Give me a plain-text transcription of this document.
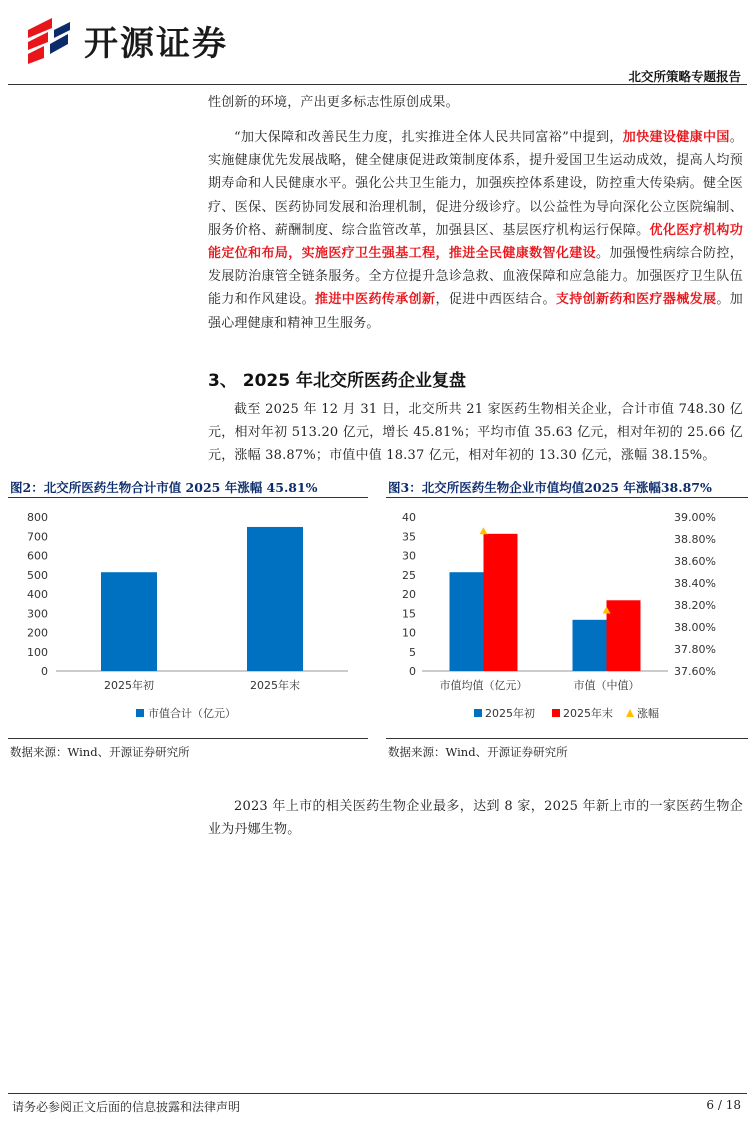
开源证券
北交所策略专题报告

性创新的环境，产出更多标志性原创成果。

“加大保障和改善民生力度，扎实推进全体人民共同富裕”中提到，加快建设健康中国。实施健康优先发展战略，健全健康促进政策制度体系，提升爱国卫生运动成效，提高人均预期寿命和人民健康水平。强化公共卫生能力，加强疾控体系建设，防控重大传染病。健全医疗、医保、医药协同发展和治理机制，促进分级诊疗。以公益性为导向深化公立医院编制、服务价格、薪酬制度、综合监管改革，加强县区、基层医疗机构运行保障。优化医疗机构功能定位和布局，实施医疗卫生强基工程，推进全民健康数智化建设。加强慢性病综合防控，发展防治康管全链条服务。全方位提升急诊急救、血液保障和应急能力。加强医疗卫生队伍能力和作风建设。推进中医药传承创新，促进中西医结合。支持创新药和医疗器械发展。加强心理健康和精神卫生服务。

3、 2025 年北交所医药企业复盘

截至 2025 年 12 月 31 日，北交所共 21 家医药生物相关企业，合计市值 748.30 亿元，相对年初 513.20 亿元，增长 45.81%；平均市值 35.63 亿元，相对年初的 25.66 亿元，涨幅 38.87%；市值中值 18.37 亿元，相对年初的 13.30 亿元，涨幅 38.15%。

图2：北交所医药生物合计市值 2025 年涨幅 45.81%
0
100
200
300
400
500
600
700
800
2025年初	2025年末
市值合计（亿元）
数据来源：Wind、开源证券研究所
图3：北交所医药生物企业市值均值2025 年涨幅38.87%
0
5
10
15
20
25
30
35
40
37.60%
37.80%
38.00%
38.20%
38.40%
38.60%
38.80%
39.00%
市值均值（亿元）	市值（中值）
2025年初	2025年末 涨幅
数据来源：Wind、开源证券研究所

2023 年上市的相关医药生物企业最多，达到 8 家，2025 年新上市的一家医药生物企业为丹娜生物。

请务必参阅正文后面的信息披露和法律声明	6 / 18
